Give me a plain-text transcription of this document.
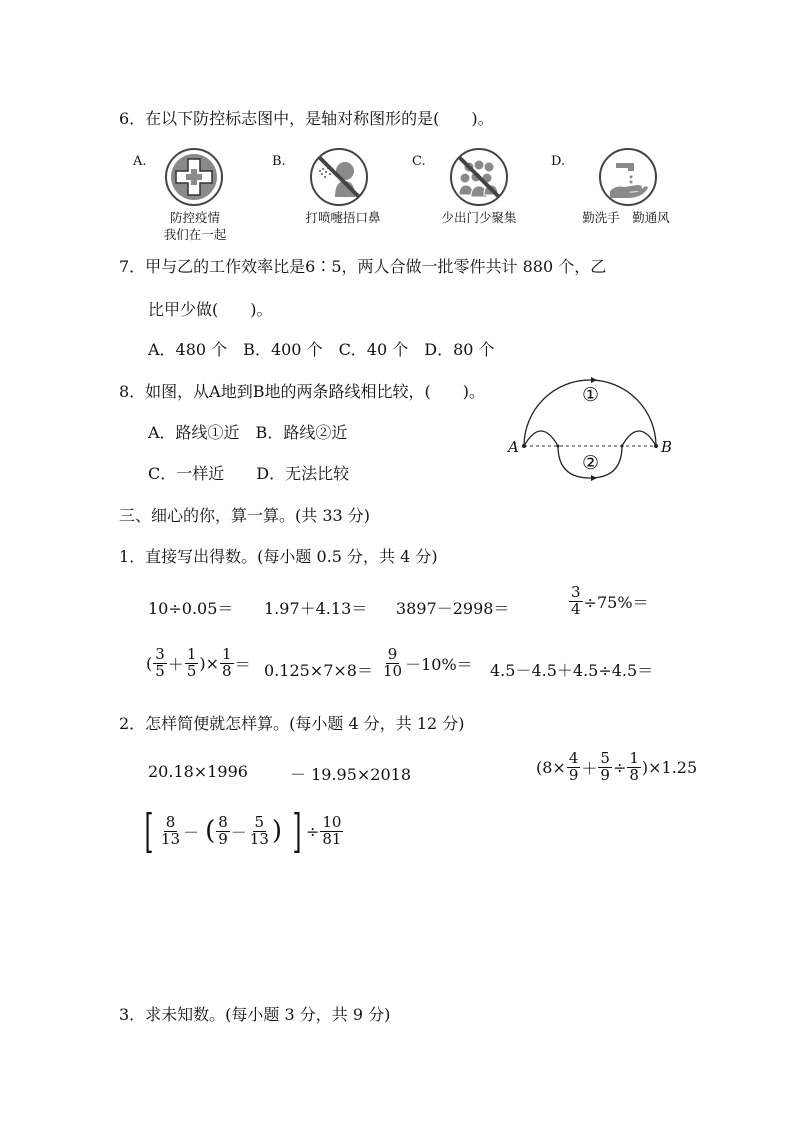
6．在以下防控标志图中，是轴对称图形的是(　　)。
A.
防控疫情
我们在一起
B.
打喷嚏捂口鼻
C.
少出门少聚集
D.
勤洗手　勤通风
7．甲与乙的工作效率比是6∶5，两人合做一批零件共计 880 个，乙
比甲少做(　　)。
A．480 个　B．400 个　C．40 个　D．80 个
8．如图，从A地到B地的两条路线相比较，(　　)。
A．路线①近　B．路线②近
C．一样近　　D．无法比较
A	B
①
②
三、细心的你，算一算。(共 33 分)
1．直接写出得数。(每小题 0.5 分，共 4 分)
10÷0.05＝ 1.97＋4.13＝ 3897－2998＝	$\frac{3}{4} \div 75\%=$
( $\frac{3}{5} + \frac{1}{5}$ )× $\frac{1}{8} = 0.125\times 7\times 8= \frac{9}{10} -10\%= 4.5-4.5+4.5\div 4.5=$
2．怎样简便就怎样算。(每小题 4 分，共 12 分)
20.18×1996	－ 19.95×2018	$(8\times \frac{4}{9} + \frac{5}{9} \div \frac{1}{8} )\times 1.25$
[ $\frac{8}{13}$ － ( $\frac{8}{9} - \frac{5}{13}$ ) ] ÷ $\frac{10}{81}$
3．求未知数。(每小题 3 分，共 9 分)
